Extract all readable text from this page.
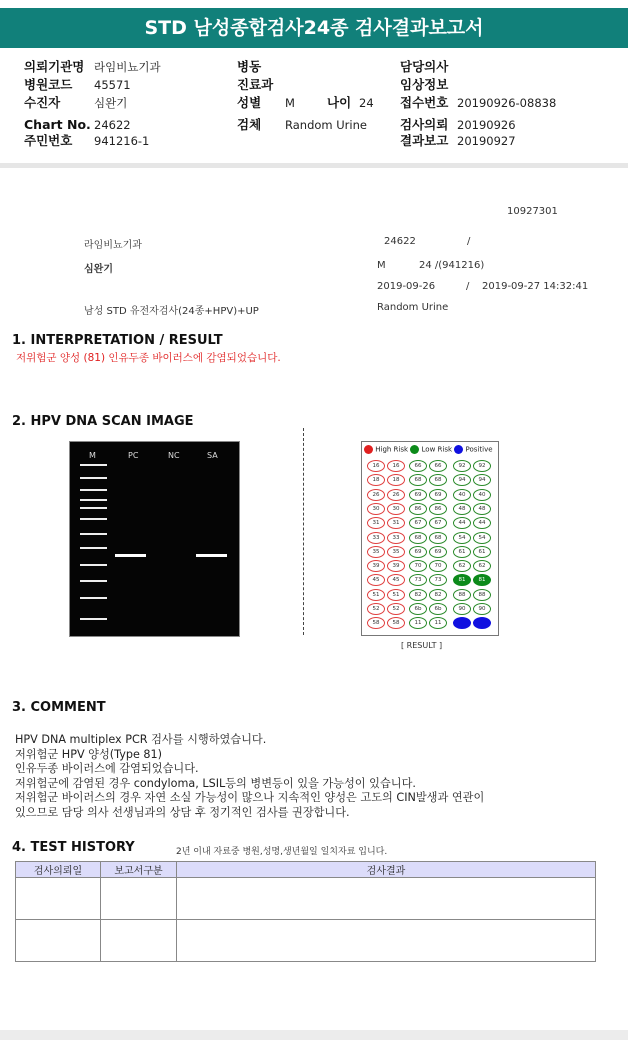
STD 남성종합검사24종 검사결과보고서
의뢰기관명 라임비뇨기과
병원코드 45571
수진자	심완기
Chart No. 24622
주민번호 941216-1
병동
진료과
성별 M	나이 24
검체 Random Urine
담당의사
임상정보
접수번호 20190926-08838
검사의뢰 20190926
결과보고 20190927
10927301
라임비뇨기과	24622	/
심완기	M	24 /(941216)
2019-09-26	/ 2019-09-27 14:32:41
남성 STD 유전자검사(24종+HPV)+UP	Random Urine
1. INTERPRETATION / RESULT
저위험군 양성 (81) 인유두종 바이러스에 감염되었습니다.
2. HPV DNA SCAN IMAGE
M	PC	NC	SA
High Risk Low Risk Positive
16	16	66	66	92	92
18	18	68	68	94	94
26	26	69	69	40	40
30	30	86	86	48	48
31	31	67	67	44	44
33	33	68	68	54	54
35	35	69	69	61	61
39	39	70	70	62	62
45	45	73	73	81	81
51	51	82	82	88	88
52	52	6b	6b	90	90
58	58	11	11
[ RESULT ]
3. COMMENT
HPV DNA multiplex PCR 검사를 시행하였습니다.
저위험군 HPV 양성(Type 81)
인유두종 바이러스에 감염되었습니다.
저위험군에 감염된 경우 condyloma, LSIL등의 병변등이 있을 가능성이 있습니다.
저위험군 바이러스의 경우 자연 소실 가능성이 많으나 지속적인 양성은 고도의 CIN발생과 연관이
있으므로 담당 의사 선생님과의 상담 후 정기적인 검사를 권장합니다.
4. TEST HISTORY	2년 이내 자료중 병원,성명,생년월일 일치자료 입니다.
검사의뢰일	보고서구분	검사결과
